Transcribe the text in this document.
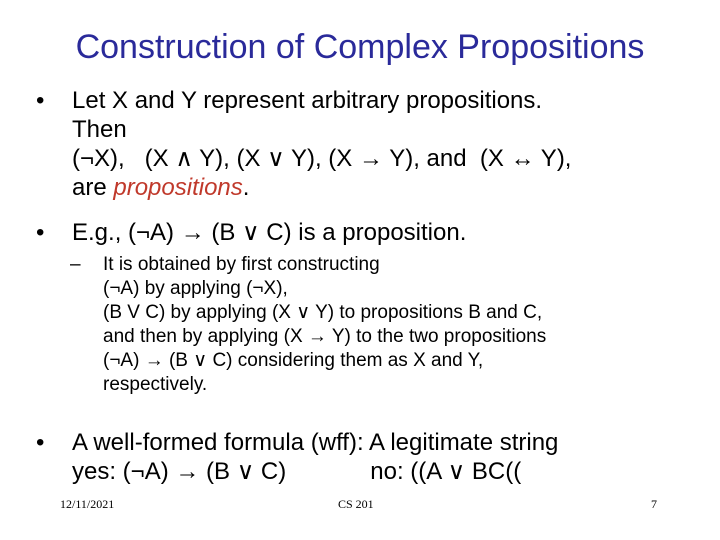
Construction of Complex Propositions
• Let X and Y represent arbitrary propositions.
Then
(¬X),   (X ∧ Y), (X ∨ Y), (X → Y), and  (X ↔ Y),
are propositions.
• E.g., (¬A) → (B ∨ C) is a proposition.
– It is obtained by first constructing
(¬A) by applying (¬X),
(B V C) by applying (X ∨ Y) to propositions B and C,
and then by applying (X → Y) to the two propositions
(¬A) → (B ∨ C) considering them as X and Y,
respectively.
• A well-formed formula (wff): A legitimate string
yes: (¬A) → (B ∨ C)	no: ((A ∨ BC((
12/11/2021	CS 201	7
